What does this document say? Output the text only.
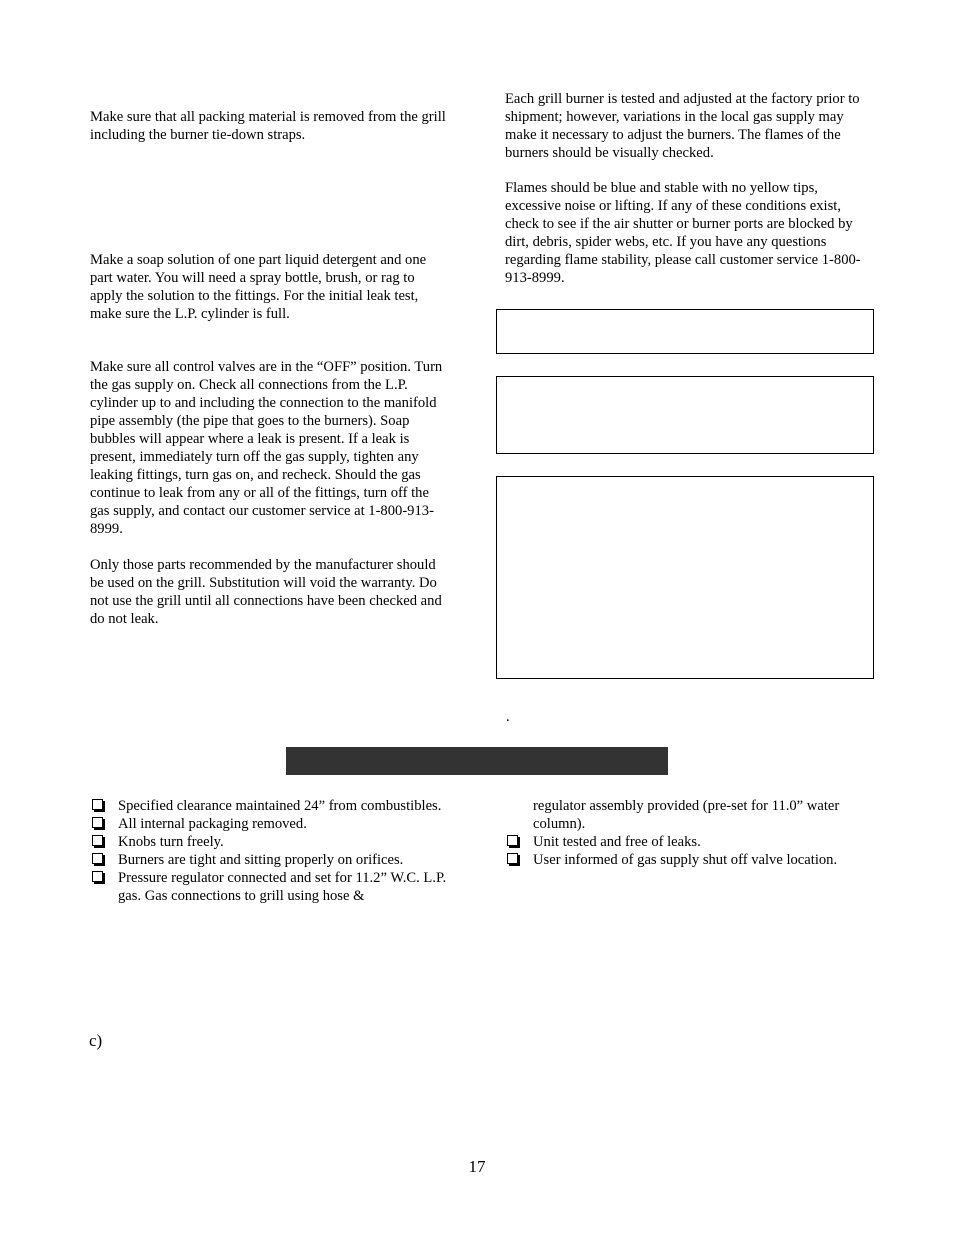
Make sure that all packing material is removed from the grill including the burner tie-down straps.

Make a soap solution of one part liquid detergent and one part water. You will need a spray bottle, brush, or rag to apply the solution to the fittings. For the initial leak test, make sure the L.P. cylinder is full.

Make sure all control valves are in the “OFF” position. Turn the gas supply on. Check all connections from the L.P. cylinder up to and including the connection to the manifold pipe assembly (the pipe that goes to the burners). Soap bubbles will appear where a leak is present. If a leak is present, immediately turn off the gas supply, tighten any leaking fittings, turn gas on, and recheck. Should the gas continue to leak from any or all of the fittings, turn off the gas supply, and contact our customer service at 1-800-913-8999.

Only those parts recommended by the manufacturer should be used on the grill. Substitution will void the warranty. Do not use the grill until all connections have been checked and do not leak.

Each grill burner is tested and adjusted at the factory prior to shipment; however, variations in the local gas supply may make it necessary to adjust the burners. The flames of the burners should be visually checked.

Flames should be blue and stable with no yellow tips, excessive noise or lifting. If any of these conditions exist, check to see if the air shutter or burner ports are blocked by dirt, debris, spider webs, etc. If you have any questions regarding flame stability, please call customer service 1-800-913-8999.

.

Specified clearance maintained 24” from combustibles.
All internal packaging removed.
Knobs turn freely.
Burners are tight and sitting properly on orifices.
Pressure regulator connected and set for 11.2” W.C. L.P. gas. Gas connections to grill using hose &
regulator assembly provided (pre-set for 11.0” water column).
Unit tested and free of leaks.
User informed of gas supply shut off valve location.

c)

17
